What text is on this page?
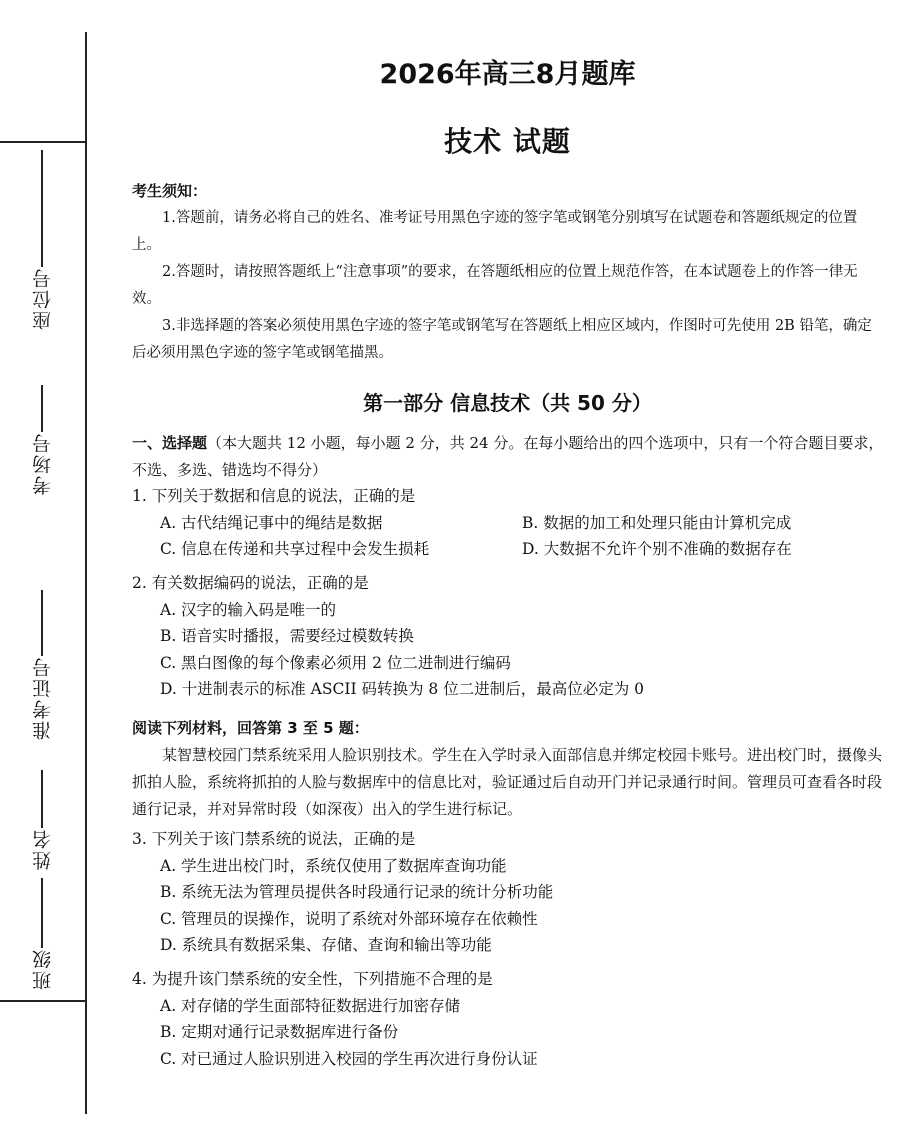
座位号
考场号
准考证号
姓名
班级
2026年高三8月题库
技术 试题
考生须知：

1.答题前，请务必将自己的姓名、准考证号用黑色字迹的签字笔或钢笔分别填写在试题卷和答题纸规定的位置上。

2.答题时，请按照答题纸上“注意事项”的要求，在答题纸相应的位置上规范作答，在本试题卷上的作答一律无效。

3.非选择题的答案必须使用黑色字迹的签字笔或钢笔写在答题纸上相应区域内，作图时可先使用 2B 铅笔，确定后必须用黑色字迹的签字笔或钢笔描黑。

第一部分 信息技术（共 50 分）
一、选择题（本大题共 12 小题，每小题 2 分，共 24 分。在每小题给出的四个选项中，只有一个符合题目要求，不选、多选、错选均不得分）

1. 下列关于数据和信息的说法，正确的是

A. 古代结绳记事中的绳结是数据	B. 数据的加工和处理只能由计算机完成
C. 信息在传递和共享过程中会发生损耗	D. 大数据不允许个别不准确的数据存在

2. 有关数据编码的说法，正确的是

A. 汉字的输入码是唯一的
B. 语音实时播报，需要经过模数转换
C. 黑白图像的每个像素必须用 2 位二进制进行编码
D. 十进制表示的标准 ASCII 码转换为 8 位二进制后，最高位必定为 0
阅读下列材料，回答第 3 至 5 题：

某智慧校园门禁系统采用人脸识别技术。学生在入学时录入面部信息并绑定校园卡账号。进出校门时，摄像头抓拍人脸，系统将抓拍的人脸与数据库中的信息比对，验证通过后自动开门并记录通行时间。管理员可查看各时段通行记录，并对异常时段（如深夜）出入的学生进行标记。

3. 下列关于该门禁系统的说法，正确的是

A. 学生进出校门时，系统仅使用了数据库查询功能
B. 系统无法为管理员提供各时段通行记录的统计分析功能
C. 管理员的误操作，说明了系统对外部环境存在依赖性
D. 系统具有数据采集、存储、查询和输出等功能

4. 为提升该门禁系统的安全性，下列措施不合理的是

A. 对存储的学生面部特征数据进行加密存储
B. 定期对通行记录数据库进行备份
C. 对已通过人脸识别进入校园的学生再次进行身份认证
